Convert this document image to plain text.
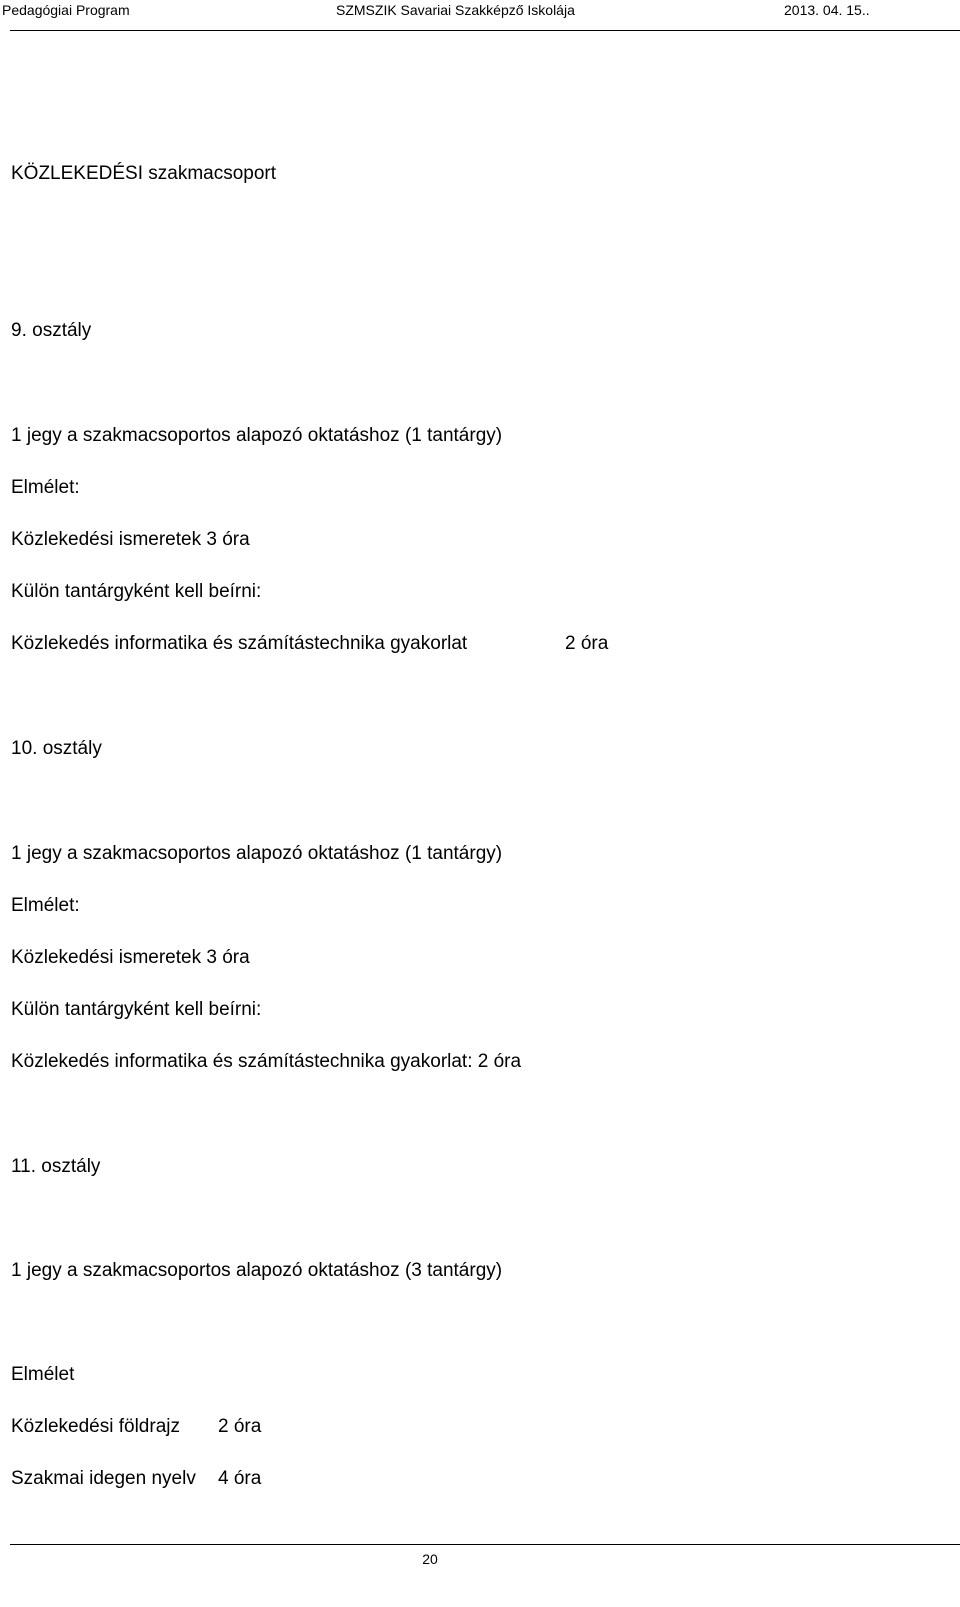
Pedagógiai Program	SZMSZIK Savariai Szakképző Iskolája	2013. 04. 15..
KÖZLEKEDÉSI szakmacsoport
9. osztály
1 jegy a szakmacsoportos alapozó oktatáshoz (1 tantárgy)
Elmélet:
Közlekedési ismeretek 3 óra
Külön tantárgyként kell beírni:
Közlekedés informatika és számítástechnika gyakorlat	2 óra
10. osztály
1 jegy a szakmacsoportos alapozó oktatáshoz (1 tantárgy)
Elmélet:
Közlekedési ismeretek 3 óra
Külön tantárgyként kell beírni:
Közlekedés informatika és számítástechnika gyakorlat: 2 óra
11. osztály
1 jegy a szakmacsoportos alapozó oktatáshoz (3 tantárgy)
Elmélet
Közlekedési földrajz 2 óra
Szakmai idegen nyelv 4 óra
20
